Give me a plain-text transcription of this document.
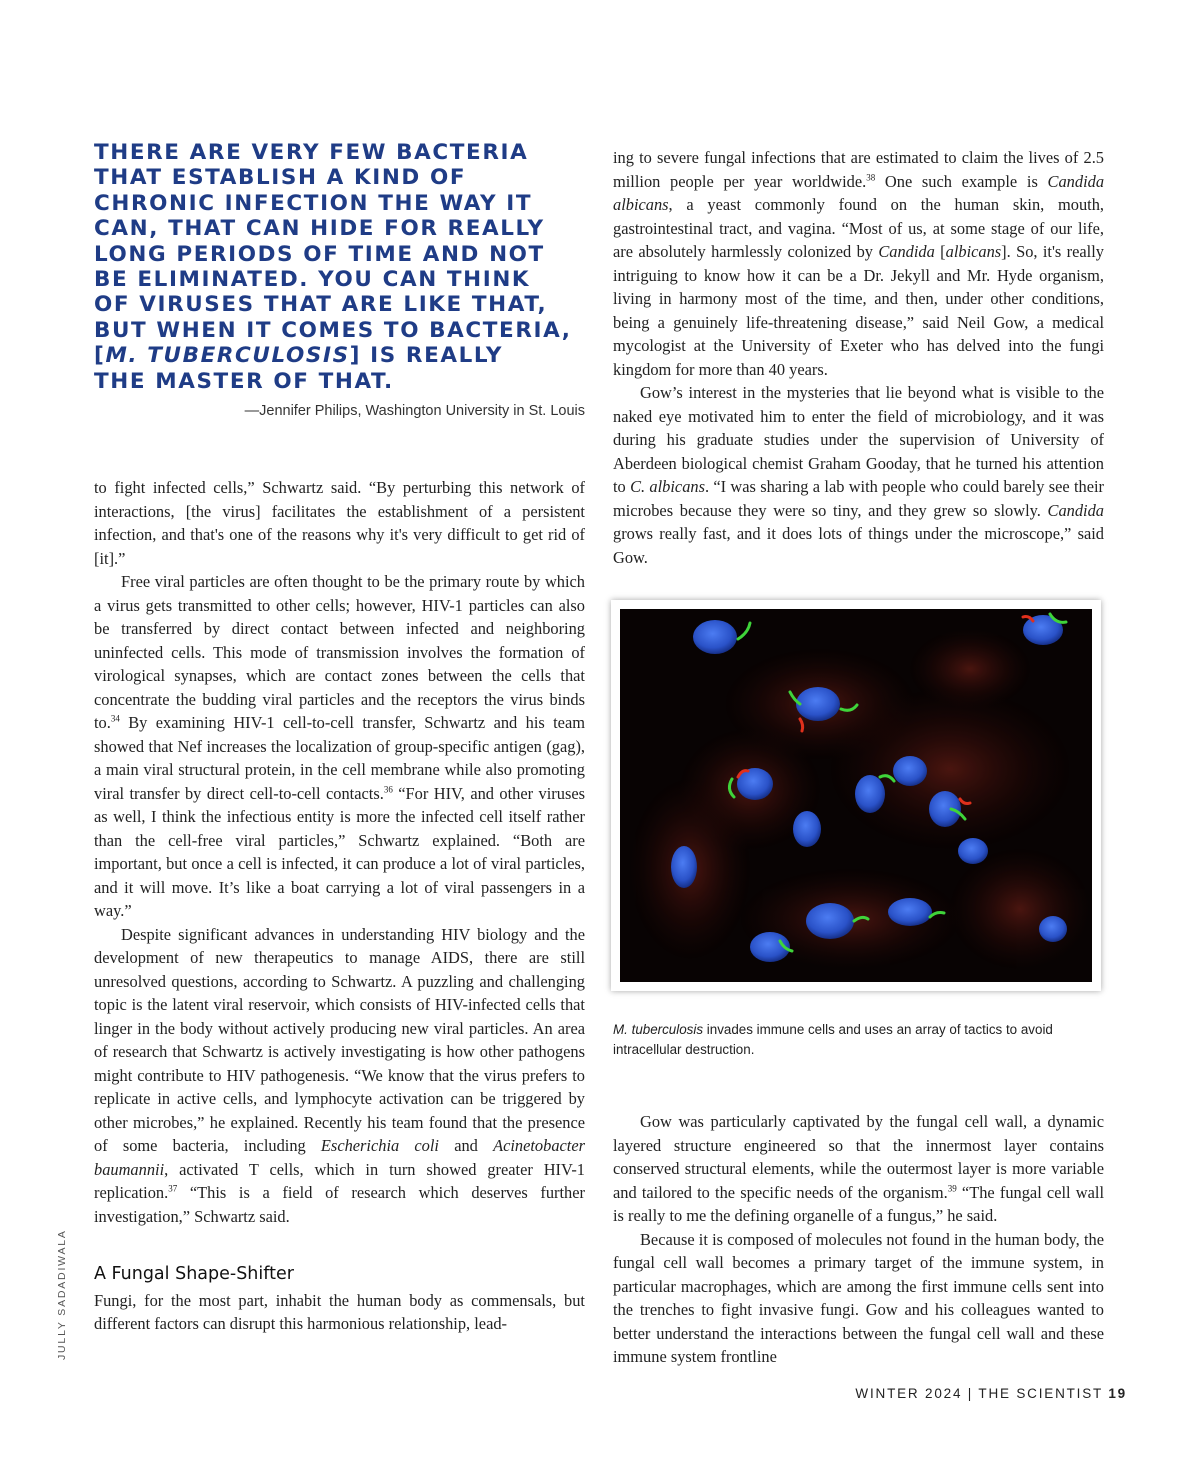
THERE ARE VERY FEW BACTERIA
THAT ESTABLISH A KIND OF
CHRONIC INFECTION THE WAY IT
CAN, THAT CAN HIDE FOR REALLY
LONG PERIODS OF TIME AND NOT
BE ELIMINATED. YOU CAN THINK
OF VIRUSES THAT ARE LIKE THAT,
BUT WHEN IT COMES TO BACTERIA,
[M. TUBERCULOSIS] IS REALLY
THE MASTER OF THAT.
—Jennifer Philips, Washington University in St. Louis

to fight infected cells,” Schwartz said. “By perturbing this network of interactions, [the virus] facilitates the establishment of a persistent infection, and that's one of the reasons why it's very difficult to get rid of [it].”

Free viral particles are often thought to be the primary route by which a virus gets transmitted to other cells; however, HIV-1 particles can also be transferred by direct contact between infected and neighboring uninfected cells. This mode of transmission involves the formation of virological synapses, which are contact zones between the cells that concentrate the budding viral particles and the receptors the virus binds to.$^{34}$ By examining HIV-1 cell-to-cell transfer, Schwartz and his team showed that Nef increases the localization of group-specific antigen (gag), a main viral structural protein, in the cell membrane while also promoting viral transfer by direct cell-to-cell contacts.$^{36}$ “For HIV, and other viruses as well, I think the infectious entity is more the infected cell itself rather than the cell-free viral particles,” Schwartz explained. “Both are important, but once a cell is infected, it can produce a lot of viral particles, and it will move. It’s like a boat carrying a lot of viral passengers in a way.”

Despite significant advances in understanding HIV biology and the development of new therapeutics to manage AIDS, there are still unresolved questions, according to Schwartz. A puzzling and challenging topic is the latent viral reservoir, which consists of HIV-infected cells that linger in the body without actively producing new viral particles. An area of research that Schwartz is actively investigating is how other pathogens might contribute to HIV pathogenesis. “We know that the virus prefers to replicate in active cells, and lymphocyte activation can be triggered by other microbes,” he explained. Recently his team found that the presence of some bacteria, including Escherichia coli and Acinetobacter baumannii, activated T cells, which in turn showed greater HIV-1 replication.$^{37}$ “This is a field of research which deserves further investigation,” Schwartz said.

A Fungal Shape-Shifter

Fungi, for the most part, inhabit the human body as commensals, but different factors can disrupt this harmonious relationship, lead-

ing to severe fungal infections that are estimated to claim the lives of 2.5 million people per year worldwide.$^{38}$ One such example is Candida albicans, a yeast commonly found on the human skin, mouth, gastrointestinal tract, and vagina. “Most of us, at some stage of our life, are absolutely harmlessly colonized by Candida [albicans]. So, it's really intriguing to know how it can be a Dr. Jekyll and Mr. Hyde organism, living in harmony most of the time, and then, under other conditions, being a genuinely life-threatening disease,” said Neil Gow, a medical mycologist at the University of Exeter who has delved into the fungi kingdom for more than 40 years.

Gow’s interest in the mysteries that lie beyond what is visible to the naked eye motivated him to enter the field of microbiology, and it was during his graduate studies under the supervision of University of Aberdeen biological chemist Graham Gooday, that he turned his attention to C. albicans. “I was sharing a lab with people who could barely see their microbes because they were so tiny, and they grew so slowly. Candida grows really fast, and it does lots of things under the microscope,” said Gow.

M. tuberculosis invades immune cells and uses an array of tactics to avoid intracellular destruction.

Gow was particularly captivated by the fungal cell wall, a dynamic layered structure engineered so that the innermost layer contains conserved structural elements, while the outermost layer is more variable and tailored to the specific needs of the organism.$^{39}$ “The fungal cell wall is really to me the defining organelle of a fungus,” he said.

Because it is composed of molecules not found in the human body, the fungal cell wall becomes a primary target of the immune system, in particular macrophages, which are among the first immune cells sent into the trenches to fight invasive fungi. Gow and his colleagues wanted to better understand the interactions between the fungal cell wall and these immune system frontline

JULLY SADADIWALA
WINTER 2024 | THE SCIENTIST 19
